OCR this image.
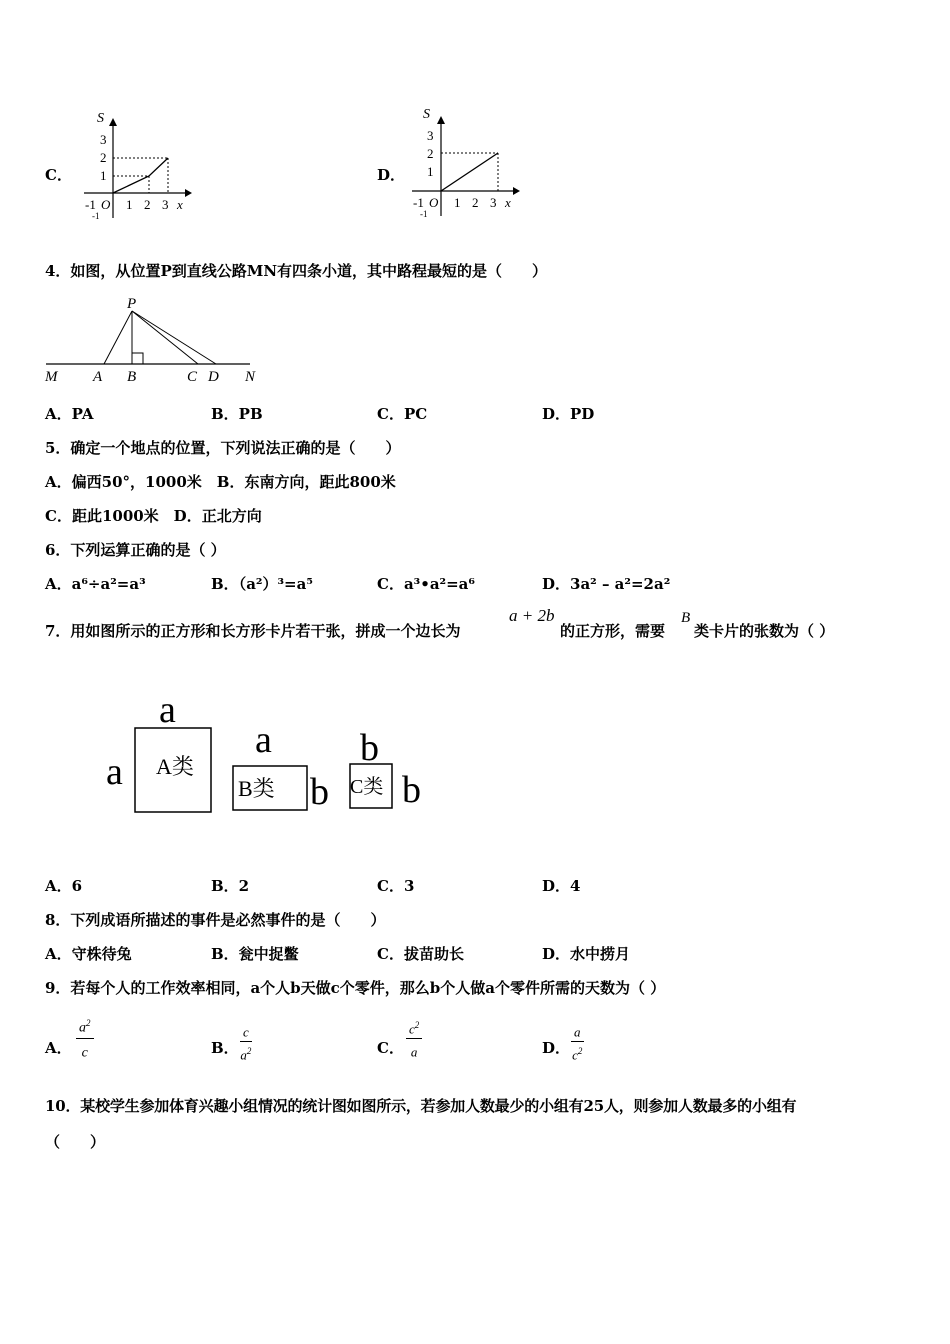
C．
S
3
2
1
-1 O 1 2 3 x
-1
D．
S
3
2
1
-1 O 1 2 3 x
-1
4．如图，从位置P到直线公路MN有四条小道，其中路程最短的是（　　）
P
M A B	C D N
A．PA	B．PB	C．PC	D．PD
5．确定一个地点的位置，下列说法正确的是（　　）
A．偏西50°，1000米　B．东南方向，距此800米
C．距此1000米　D．正北方向
6．下列运算正确的是（ ）
A．a⁶÷a²=a³	B．（a²）³=a⁵	C．a³•a²=a⁶	D．3a² – a²=2a²
7．用如图所示的正方形和长方形卡片若干张，拼成一个边长为
a + 2b
的正方形，需要
B
类卡片的张数为（ ）
a
a A类
a
B类 b
b
C类 b
A．6	B．2	C．3	D．4
8．下列成语所描述的事件是必然事件的是（　　）
A．守株待兔	B．瓮中捉鳖	C．拔苗助长	D．水中捞月
9．若每个人的工作效率相同，a个人b天做c个零件，那么b个人做a个零件所需的天数为（ ）
A． $\frac{a^2}{c}$	B． $\frac{c}{a^2}$	C． $\frac{c^2}{a}$	D． $\frac{a}{c^2}$
10．某校学生参加体育兴趣小组情况的统计图如图所示，若参加人数最少的小组有25人，则参加人数最多的小组有
（　　）
